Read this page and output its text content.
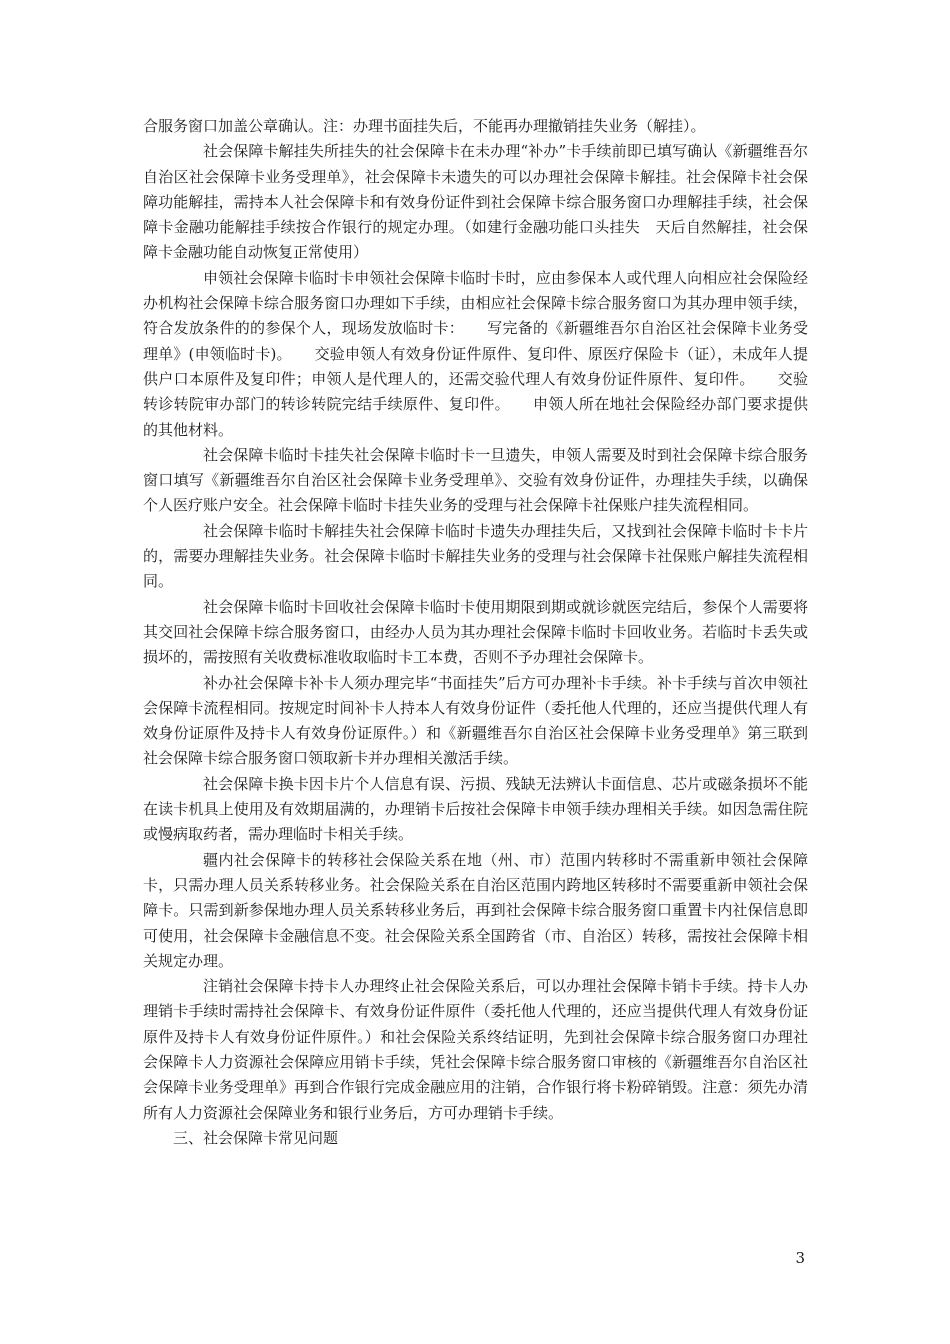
合服务窗口加盖公章确认。注：办理书面挂失后，不能再办理撤销挂失业务（解挂）。

社会保障卡解挂失所挂失的社会保障卡在未办理“补办”卡手续前即已填写确认《新疆维吾尔自治区社会保障卡业务受理单》，社会保障卡未遗失的可以办理社会保障卡解挂。社会保障卡社会保障功能解挂，需持本人社会保障卡和有效身份证件到社会保障卡综合服务窗口办理解挂手续，社会保障卡金融功能解挂手续按合作银行的规定办理。（如建行金融功能口头挂失　天后自然解挂，社会保障卡金融功能自动恢复正常使用）

申领社会保障卡临时卡申领社会保障卡临时卡时，应由参保本人或代理人向相应社会保险经办机构社会保障卡综合服务窗口办理如下手续，由相应社会保障卡综合服务窗口为其办理申领手续，符合发放条件的的参保个人，现场发放临时卡：　　写完备的《新疆维吾尔自治区社会保障卡业务受理单》(申领临时卡)。　　交验申领人有效身份证件原件、复印件、原医疗保险卡（证），未成年人提供户口本原件及复印件；申领人是代理人的，还需交验代理人有效身份证件原件、复印件。　　交验转诊转院审办部门的转诊转院完结手续原件、复印件。　　申领人所在地社会保险经办部门要求提供的其他材料。

社会保障卡临时卡挂失社会保障卡临时卡一旦遗失，申领人需要及时到社会保障卡综合服务窗口填写《新疆维吾尔自治区社会保障卡业务受理单》、交验有效身份证件，办理挂失手续，以确保个人医疗账户安全。社会保障卡临时卡挂失业务的受理与社会保障卡社保账户挂失流程相同。

社会保障卡临时卡解挂失社会保障卡临时卡遗失办理挂失后，又找到社会保障卡临时卡卡片的，需要办理解挂失业务。社会保障卡临时卡解挂失业务的受理与社会保障卡社保账户解挂失流程相同。

社会保障卡临时卡回收社会保障卡临时卡使用期限到期或就诊就医完结后，参保个人需要将其交回社会保障卡综合服务窗口，由经办人员为其办理社会保障卡临时卡回收业务。若临时卡丢失或损坏的，需按照有关收费标准收取临时卡工本费，否则不予办理社会保障卡。

补办社会保障卡补卡人须办理完毕“书面挂失”后方可办理补卡手续。补卡手续与首次申领社会保障卡流程相同。按规定时间补卡人持本人有效身份证件（委托他人代理的，还应当提供代理人有效身份证原件及持卡人有效身份证原件。）和《新疆维吾尔自治区社会保障卡业务受理单》第三联到社会保障卡综合服务窗口领取新卡并办理相关激活手续。

社会保障卡换卡因卡片个人信息有误、污损、残缺无法辨认卡面信息、芯片或磁条损坏不能在读卡机具上使用及有效期届满的，办理销卡后按社会保障卡申领手续办理相关手续。如因急需住院或慢病取药者，需办理临时卡相关手续。

疆内社会保障卡的转移社会保险关系在地（州、市）范围内转移时不需重新申领社会保障卡，只需办理人员关系转移业务。社会保险关系在自治区范围内跨地区转移时不需要重新申领社会保障卡。只需到新参保地办理人员关系转移业务后，再到社会保障卡综合服务窗口重置卡内社保信息即可使用，社会保障卡金融信息不变。社会保险关系全国跨省（市、自治区）转移，需按社会保障卡相关规定办理。

注销社会保障卡持卡人办理终止社会保险关系后，可以办理社会保障卡销卡手续。持卡人办理销卡手续时需持社会保障卡、有效身份证件原件（委托他人代理的，还应当提供代理人有效身份证原件及持卡人有效身份证件原件。）和社会保险关系终结证明，先到社会保障卡综合服务窗口办理社会保障卡人力资源社会保障应用销卡手续，凭社会保障卡综合服务窗口审核的《新疆维吾尔自治区社会保障卡业务受理单》再到合作银行完成金融应用的注销，合作银行将卡粉碎销毁。注意：须先办清所有人力资源社会保障业务和银行业务后，方可办理销卡手续。

三、社会保障卡常见问题

3
